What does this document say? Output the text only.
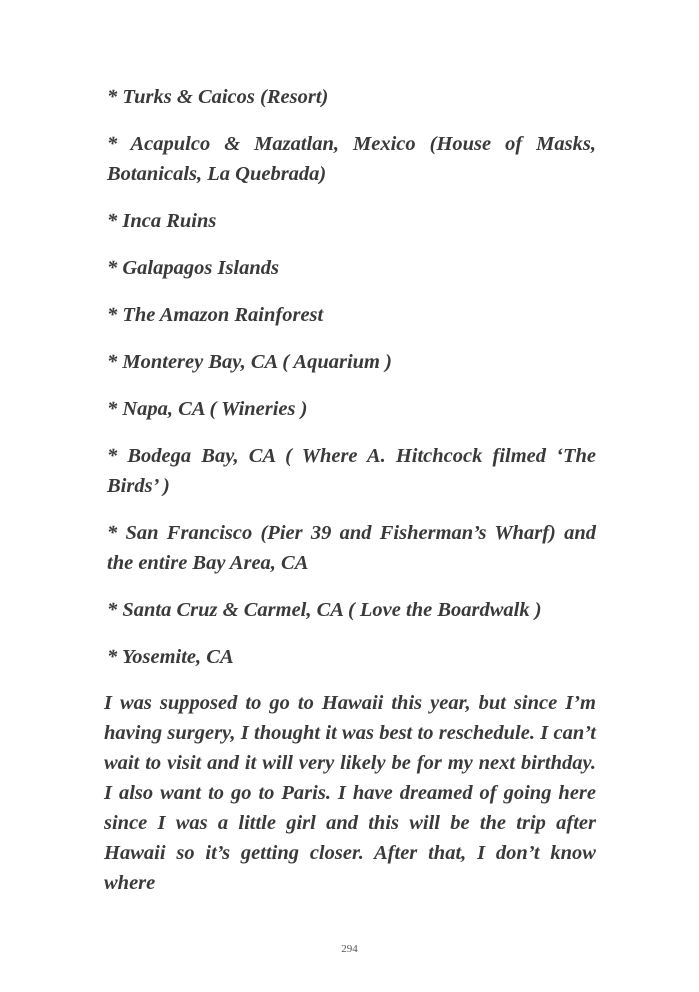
* Turks & Caicos (Resort)

* Acapulco & Mazatlan, Mexico (House of Masks, Botanicals, La Quebrada)

* Inca Ruins

* Galapagos Islands

* The Amazon Rainforest

* Monterey Bay, CA ( Aquarium )

* Napa, CA ( Wineries )

* Bodega Bay, CA ( Where A. Hitchcock filmed ‘The Birds’ )

* San Francisco (Pier 39 and Fisherman’s Wharf) and the entire Bay Area, CA

* Santa Cruz & Carmel, CA ( Love the Boardwalk )

* Yosemite, CA

I was supposed to go to Hawaii this year, but since I’m having surgery, I thought it was best to reschedule. I can’t wait to visit and it will very likely be for my next birthday. I also want to go to Paris. I have dreamed of going here since I was a little girl and this will be the trip after Hawaii so it’s getting closer. After that, I don’t know where

294
